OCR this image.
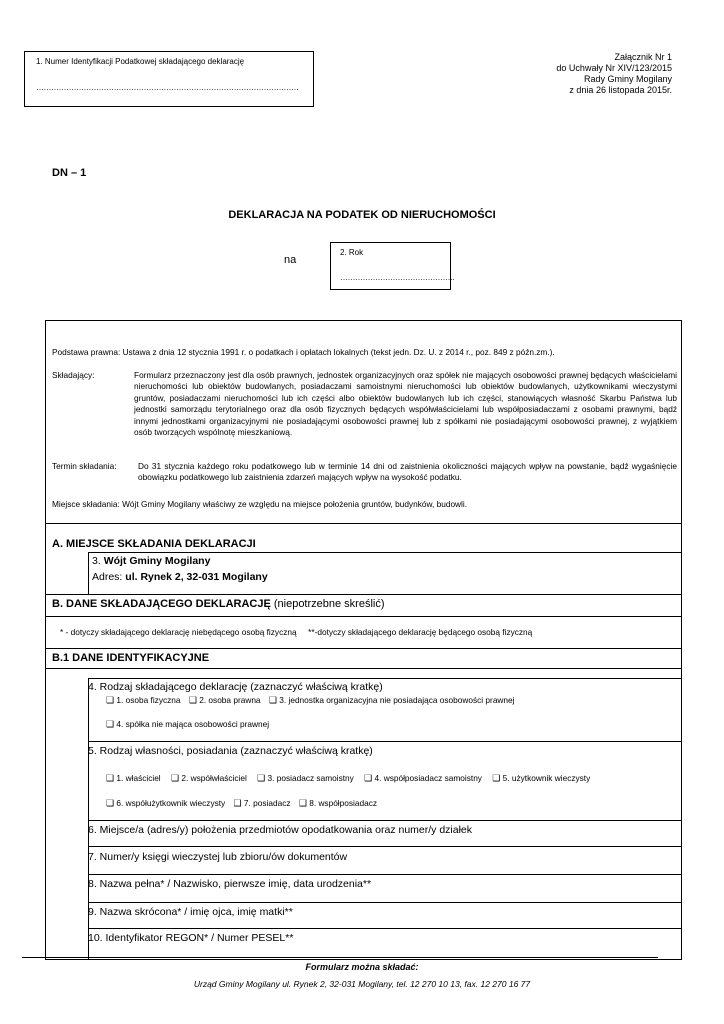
1. Numer Identyfikacji Podatkowej składającego deklarację
……………………………………………………………………………………………
Załącznik Nr 1
do Uchwały Nr XIV/123/2015
Rady Gminy Mogilany
z dnia 26 listopada 2015r.
DN – 1
DEKLARACJA NA PODATEK OD NIERUCHOMOŚCI
na
2. Rok
……………………………………….
Podstawa prawna: Ustawa z dnia 12 stycznia 1991 r. o podatkach i opłatach lokalnych (tekst jedn. Dz. U. z 2014 r., poz. 849 z późn.zm.).
Składający:	Formularz przeznaczony jest dla osób prawnych, jednostek organizacyjnych oraz spółek nie mających osobowości prawnej będących właścicielami nieruchomości lub obiektów budowlanych, posiadaczami samoistnymi nieruchomości lub obiektów budowlanych, użytkownikami wieczystymi gruntów, posiadaczami nieruchomości lub ich części albo obiektów budowlanych lub ich części, stanowiących własność Skarbu Państwa lub jednostki samorządu terytorialnego oraz dla osób fizycznych będących współwłaścicielami lub współposiadaczami z osobami prawnymi, bądź innymi jednostkami organizacyjnymi nie posiadającymi osobowości prawnej lub z spółkami nie posiadającymi osobowości prawnej, z wyjątkiem osób tworzących wspólnotę mieszkaniową.
Termin składania:	Do 31 stycznia każdego roku podatkowego lub w terminie 14 dni od zaistnienia okoliczności mających wpływ na powstanie, bądź wygaśnięcie obowiązku podatkowego lub zaistnienia zdarzeń mających wpływ na wysokość podatku.
Miejsce składania: Wójt Gminy Mogilany właściwy ze względu na miejsce położenia gruntów, budynków, budowli.
A. MIEJSCE SKŁADANIA DEKLARACJI
3. Wójt Gminy Mogilany
Adres: ul. Rynek 2, 32-031 Mogilany
B. DANE SKŁADAJĄCEGO DEKLARACJĘ (niepotrzebne skreślić)
* - dotyczy składającego deklarację niebędącego osobą fizyczną     **-dotyczy składającego deklarację będącego osobą fizyczną
B.1 DANE IDENTYFIKACYJNE
4. Rodzaj składającego deklarację (zaznaczyć właściwą kratkę)
❑ 1. osoba fizyczna ❑ 2. osoba prawna ❑ 3. jednostka organizacyjna nie posiadająca osobowości prawnej
❑ 4. spółka nie mająca osobowości prawnej
5. Rodzaj własności, posiadania (zaznaczyć właściwą kratkę)
❑ 1. właściciel ❑ 2. współwłaściciel ❑ 3. posiadacz samoistny ❑ 4. współposiadacz samoistny ❑ 5. użytkownik wieczysty
❑ 6. współużytkownik wieczysty ❑ 7. posiadacz ❑ 8. współposiadacz
6. Miejsce/a (adres/y) położenia przedmiotów opodatkowania oraz numer/y działek
7. Numer/y księgi wieczystej lub zbioru/ów dokumentów
8. Nazwa pełna* / Nazwisko, pierwsze imię, data urodzenia**
9. Nazwa skrócona* / imię ojca, imię matki**
10. Identyfikator REGON* / Numer PESEL**
Formularz można składać:
Urząd Gminy Mogilany ul. Rynek 2, 32-031 Mogilany, tel. 12 270 10 13, fax. 12 270 16 77
